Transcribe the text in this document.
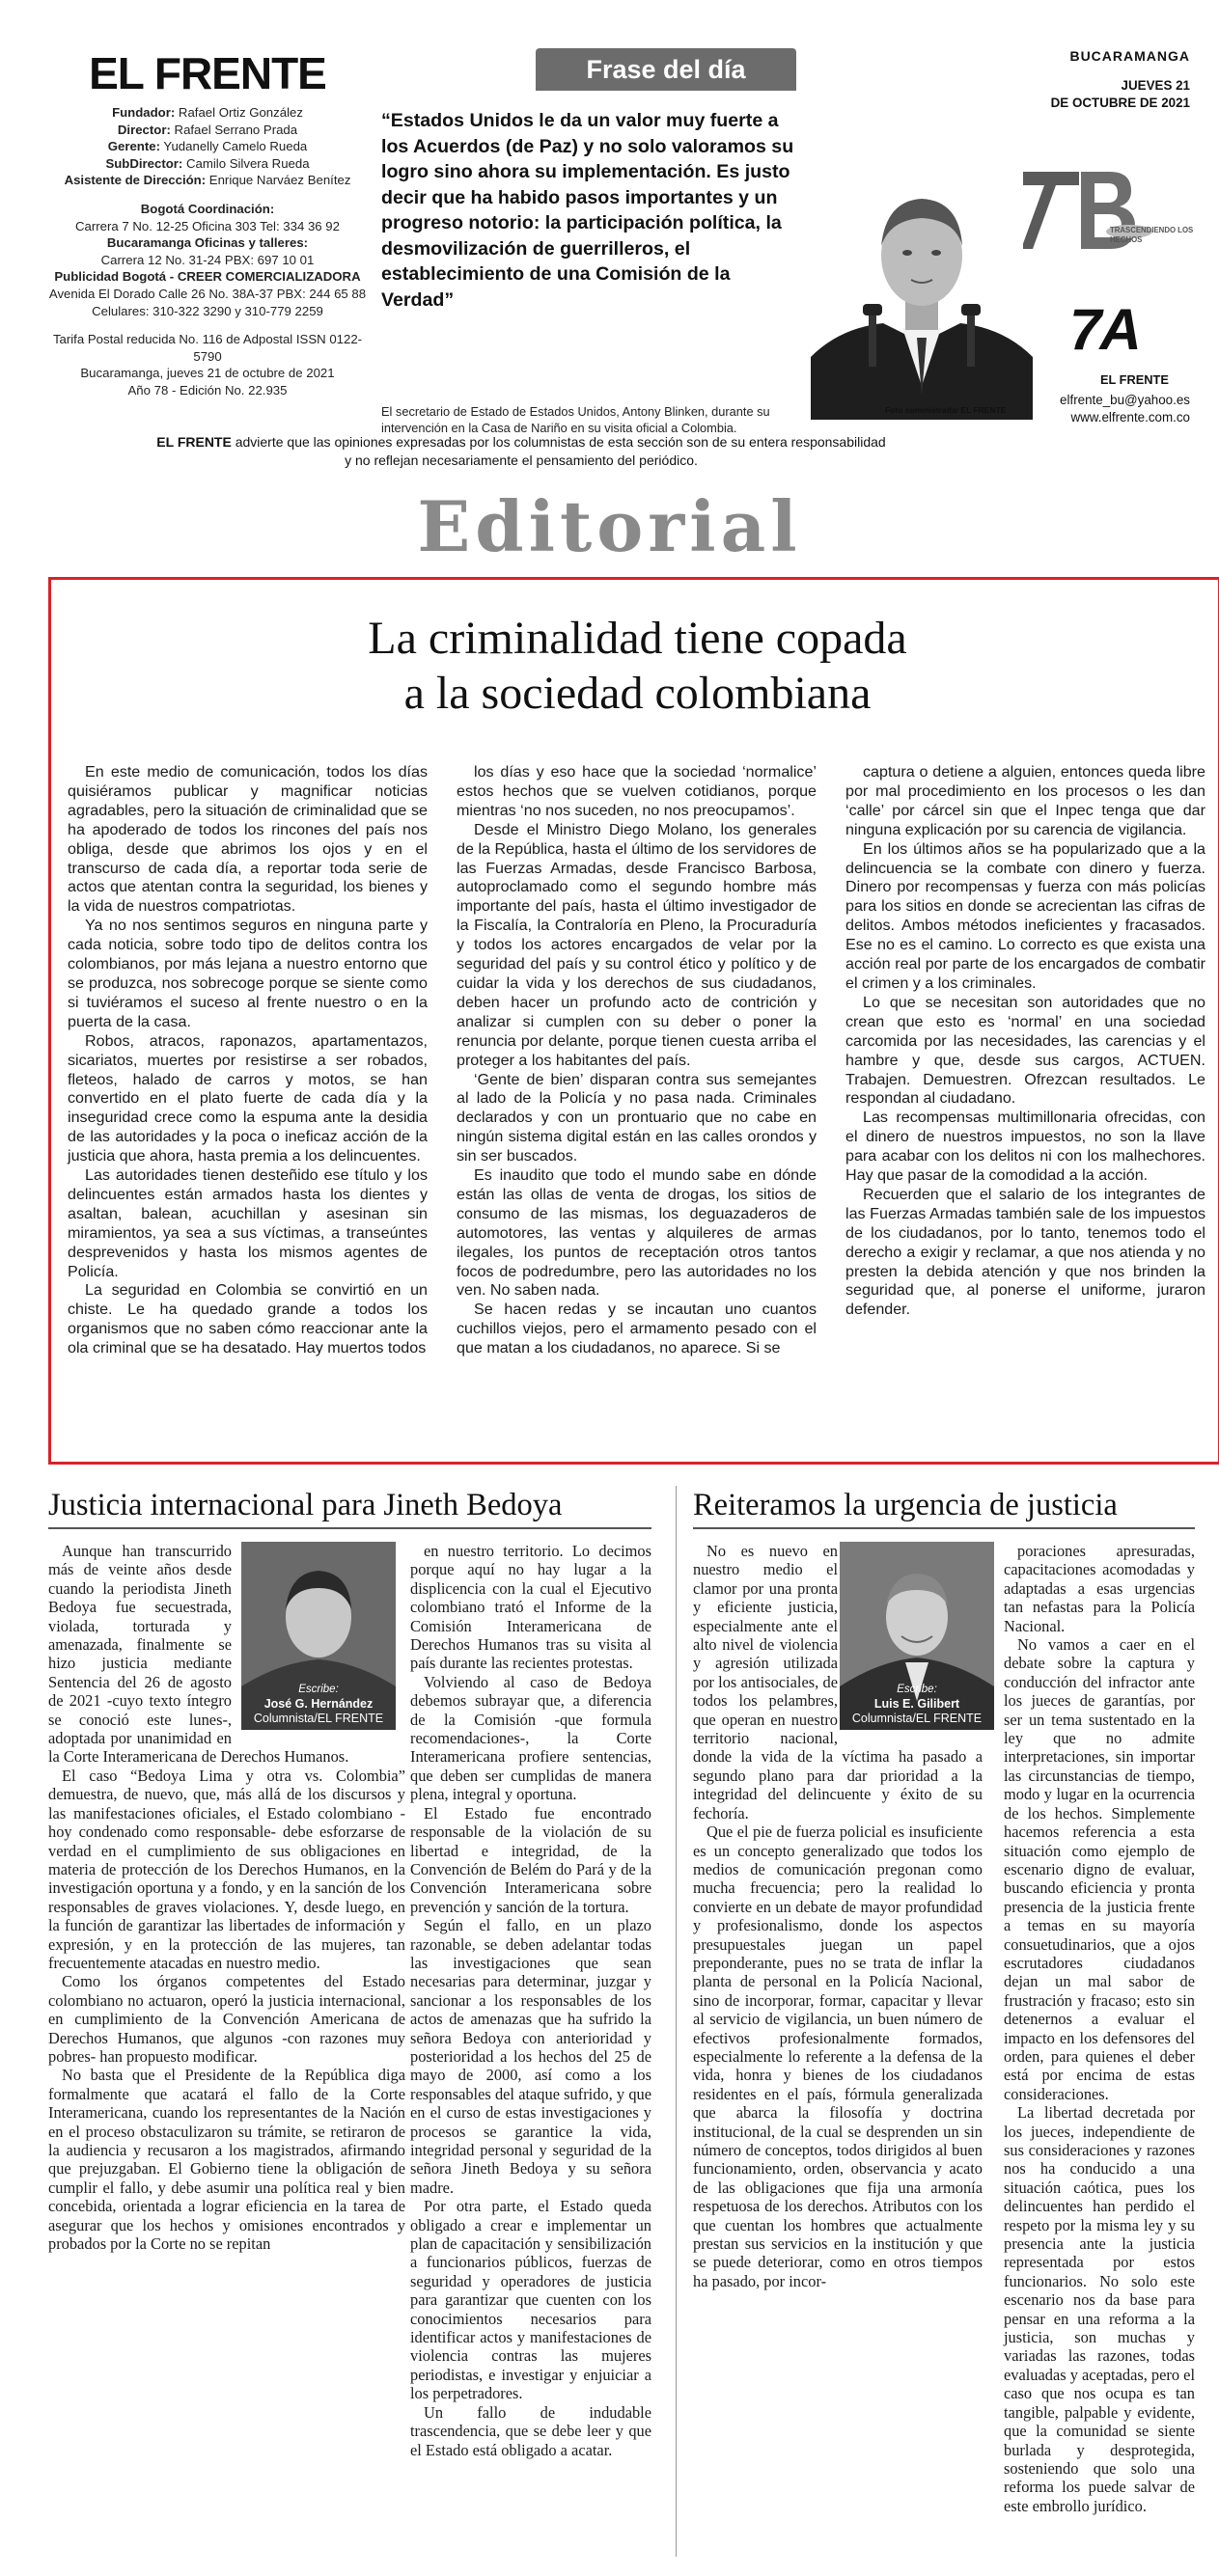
EL FRENTE
Fundador: Rafael Ortiz González
Director: Rafael Serrano Prada
Gerente: Yudanelly Camelo Rueda
SubDirector: Camilo Silvera Rueda
Asistente de Dirección: Enrique Narváez Benítez
Bogotá Coordinación:
Carrera 7 No. 12-25 Oficina 303 Tel: 334 36 92
Bucaramanga Oficinas y talleres:
Carrera 12 No. 31-24 PBX: 697 10 01
Publicidad Bogotá - CREER COMERCIALIZADORA
Avenida El Dorado Calle 26 No. 38A-37 PBX: 244 65 88
Celulares: 310-322 3290 y 310-779 2259
Tarifa Postal reducida No. 116 de Adpostal ISSN 0122-5790
Bucaramanga, jueves 21 de octubre de 2021
Año 78 - Edición No. 22.935
Frase del día
“Estados Unidos le da un valor muy fuerte a los Acuerdos (de Paz) y no solo valoramos su logro sino ahora su implementación. Es justo decir que ha habido pasos importantes y un progreso notorio: la participación política, la desmovilización de guerrilleros, el establecimiento de una Comisión de la Verdad”
El secretario de Estado de Estados Unidos, Antony Blinken, durante su intervención en la Casa de Nariño en su visita oficial a Colombia.
Foto suministrada/ EL FRENTE
BUCARAMANGA
JUEVES 21
DE OCTUBRE DE 2021
TRASCENDIENDO LOS HECHOS
7A
EL FRENTE
elfrente_bu@yahoo.es
www.elfrente.com.co
EL FRENTE advierte que las opiniones expresadas por los columnistas de esta sección son de su entera responsabilidad y no reflejan necesariamente el pensamiento del periódico.
Editorial
La criminalidad tiene copada
a la sociedad colombiana

En este medio de comunicación, todos los días quisiéramos publicar y magnificar noticias agradables, pero la situación de criminalidad que se ha apoderado de todos los rincones del país nos obliga, desde que abrimos los ojos y en el transcurso de cada día, a reportar toda serie de actos que atentan contra la seguridad, los bienes y la vida de nuestros compatriotas.

Ya no nos sentimos seguros en ninguna parte y cada noticia, sobre todo tipo de delitos contra los colombianos, por más lejana a nuestro entorno que se produzca, nos sobrecoge porque se siente como si tuviéramos el suceso al frente nuestro o en la puerta de la casa.

Robos, atracos, raponazos, apartamentazos, sicariatos, muertes por resistirse a ser robados, fleteos, halado de carros y motos, se han convertido en el plato fuerte de cada día y la inseguridad crece como la espuma ante la desidia de las autoridades y la poca o ineficaz acción de la justicia que ahora, hasta premia a los delincuentes.

Las autoridades tienen desteñido ese título y los delincuentes están armados hasta los dientes y asaltan, balean, acuchillan y asesinan sin miramientos, ya sea a sus víctimas, a transeúntes desprevenidos y hasta los mismos agentes de Policía.

La seguridad en Colombia se convirtió en un chiste. Le ha quedado grande a todos los organismos que no saben cómo reaccionar ante la ola criminal que se ha desatado. Hay muertos todos

los días y eso hace que la sociedad ‘normalice’ estos hechos que se vuelven cotidianos, porque mientras ‘no nos suceden, no nos preocupamos’.

Desde el Ministro Diego Molano, los generales de la República, hasta el último de los servidores de las Fuerzas Armadas, desde Francisco Barbosa, autoproclamado como el segundo hombre más importante del país, hasta el último investigador de la Fiscalía, la Contraloría en Pleno, la Procuraduría y todos los actores encargados de velar por la seguridad del país y su control ético y político y de cuidar la vida y los derechos de sus ciudadanos, deben hacer un profundo acto de contrición y analizar si cumplen con su deber o poner la renuncia por delante, porque tienen cuesta arriba el proteger a los habitantes del país.

‘Gente de bien’ disparan contra sus semejantes al lado de la Policía y no pasa nada. Criminales declarados y con un prontuario que no cabe en ningún sistema digital están en las calles orondos y sin ser buscados.

Es inaudito que todo el mundo sabe en dónde están las ollas de venta de drogas, los sitios de consumo de las mismas, los deguazaderos de automotores, las ventas y alquileres de armas ilegales, los puntos de receptación otros tantos focos de podredumbre, pero las autoridades no los ven. No saben nada.

Se hacen redas y se incautan uno cuantos cuchillos viejos, pero el armamento pesado con el que matan a los ciudadanos, no aparece. Si se

captura o detiene a alguien, entonces queda libre por mal procedimiento en los procesos o les dan ‘calle’ por cárcel sin que el Inpec tenga que dar ninguna explicación por su carencia de vigilancia.

En los últimos años se ha popularizado que a la delincuencia se la combate con dinero y fuerza. Dinero por recompensas y fuerza con más policías para los sitios en donde se acrecientan las cifras de delitos. Ambos métodos ineficientes y fracasados. Ese no es el camino. Lo correcto es que exista una acción real por parte de los encargados de combatir el crimen y a los criminales.

Lo que se necesitan son autoridades que no crean que esto es ‘normal’ en una sociedad carcomida por las necesidades, las carencias y el hambre y que, desde sus cargos, ACTUEN. Trabajen. Demuestren. Ofrezcan resultados. Le respondan al ciudadano.

Las recompensas multimillonaria ofrecidas, con el dinero de nuestros impuestos, no son la llave para acabar con los delitos ni con los malhechores. Hay que pasar de la comodidad a la acción.

Recuerden que el salario de los integrantes de las Fuerzas Armadas también sale de los impuestos de los ciudadanos, por lo tanto, tenemos todo el derecho a exigir y reclamar, a que nos atienda y no presten la debida atención y que nos brinden la seguridad que, al ponerse el uniforme, juraron defender.

Justicia internacional para Jineth Bedoya
Escribe:
José G. Hernández
Columnista/EL FRENTE

Aunque han transcurrido más de veinte años desde cuando la periodista Jineth Bedoya fue secuestrada, violada, torturada y amenazada, finalmente se hizo justicia mediante Sentencia del 26 de agosto de 2021 -cuyo texto íntegro se conoció este lunes-, adoptada por unanimidad en la Corte Interamericana de Derechos Humanos.

El caso “Bedoya Lima y otra vs. Colombia” demuestra, de nuevo, que, más allá de los discursos y las manifestaciones oficiales, el Estado colombiano -hoy condenado como responsable- debe esforzarse de verdad en el cumplimiento de sus obligaciones en materia de protección de los Derechos Humanos, en la investigación oportuna y a fondo, y en la sanción de los responsables de graves violaciones. Y, desde luego, en la función de garantizar las libertades de información y expresión, y en la protección de las mujeres, tan frecuentemente atacadas en nuestro medio.

Como los órganos competentes del Estado colombiano no actuaron, operó la justicia internacional, en cumplimiento de la Convención Americana de Derechos Humanos, que algunos -con razones muy pobres- han propuesto modificar.

No basta que el Presidente de la República diga formalmente que acatará el fallo de la Corte Interamericana, cuando los representantes de la Nación en el proceso obstaculizaron su trámite, se retiraron de la audiencia y recusaron a los magistrados, afirmando que prejuzgaban. El Gobierno tiene la obligación de cumplir el fallo, y debe asumir una política real y bien concebida, orientada a lograr eficiencia en la tarea de asegurar que los hechos y omisiones encontrados y probados por la Corte no se repitan

en nuestro territorio. Lo decimos porque aquí no hay lugar a la displicencia con la cual el Ejecutivo colombiano trató el Informe de la Comisión Interamericana de Derechos Humanos tras su visita al país durante las recientes protestas.

Volviendo al caso de Bedoya debemos subrayar que, a diferencia de la Comisión -que formula recomendaciones-, la Corte Interamericana profiere sentencias, que deben ser cumplidas de manera plena, integral y oportuna.

El Estado fue encontrado responsable de la violación de su libertad e integridad, de la Convención de Belém do Pará y de la Convención Interamericana sobre prevención y sanción de la tortura.

Según el fallo, en un plazo razonable, se deben adelantar todas las investigaciones que sean necesarias para determinar, juzgar y sancionar a los responsables de los actos de amenazas que ha sufrido la señora Bedoya con anterioridad y posterioridad a los hechos del 25 de mayo de 2000, así como a los responsables del ataque sufrido, y que en el curso de estas investigaciones y procesos se garantice la vida, integridad personal y seguridad de la señora Jineth Bedoya y su señora madre.

Por otra parte, el Estado queda obligado a crear e implementar un plan de capacitación y sensibilización a funcionarios públicos, fuerzas de seguridad y operadores de justicia para garantizar que cuenten con los conocimientos necesarios para identificar actos y manifestaciones de violencia contras las mujeres periodistas, e investigar y enjuiciar a los perpetradores.

Un fallo de indudable trascendencia, que se debe leer y que el Estado está obligado a acatar.

Reiteramos la urgencia de justicia
Escribe:
Luis E. Gilibert
Columnista/EL FRENTE

No es nuevo en nuestro medio el clamor por una pronta y eficiente justicia, especialmente ante el alto nivel de violencia y agresión utilizada por los antisociales, de todos los pelambres, que operan en nuestro territorio nacional, donde la vida de la víctima ha pasado a segundo plano para dar prioridad a la integridad del delincuente y éxito de su fechoría.

Que el pie de fuerza policial es insuficiente es un concepto generalizado que todos los medios de comunicación pregonan como mucha frecuencia; pero la realidad lo convierte en un debate de mayor profundidad y profesionalismo, donde los aspectos presupuestales juegan un papel preponderante, pues no se trata de inflar la planta de personal en la Policía Nacional, sino de incorporar, formar, capacitar y llevar al servicio de vigilancia, un buen número de efectivos profesionalmente formados, especialmente lo referente a la defensa de la vida, honra y bienes de los ciudadanos residentes en el país, fórmula generalizada que abarca la filosofía y doctrina institucional, de la cual se desprenden un sin número de conceptos, todos dirigidos al buen funcionamiento, orden, observancia y acato de las obligaciones que fija una armonía respetuosa de los derechos. Atributos con los que cuentan los hombres que actualmente prestan sus servicios en la institución y que se puede deteriorar, como en otros tiempos ha pasado, por incor-

poraciones apresuradas, capacitaciones acomodadas y adaptadas a esas urgencias tan nefastas para la Policía Nacional.

No vamos a caer en el debate sobre la captura y conducción del infractor ante los jueces de garantías, por ser un tema sustentado en la ley que no admite interpretaciones, sin importar las circunstancias de tiempo, modo y lugar en la ocurrencia de los hechos. Simplemente hacemos referencia a esta situación como ejemplo de escenario digno de evaluar, buscando eficiencia y pronta presencia de la justicia frente a temas en su mayoría consuetudinarios, que a ojos escrutadores ciudadanos dejan un mal sabor de frustración y fracaso; esto sin detenernos a evaluar el impacto en los defensores del orden, para quienes el deber está por encima de estas consideraciones.

La libertad decretada por los jueces, independiente de sus consideraciones y razones nos ha conducido a una situación caótica, pues los delincuentes han perdido el respeto por la misma ley y su presencia ante la justicia representada por estos funcionarios. No solo este escenario nos da base para pensar en una reforma a la justicia, son muchas y variadas las razones, todas evaluadas y aceptadas, pero el caso que nos ocupa es tan tangible, palpable y evidente, que la comunidad se siente burlada y desprotegida, sosteniendo que solo una reforma los puede salvar de este embrollo jurídico.
